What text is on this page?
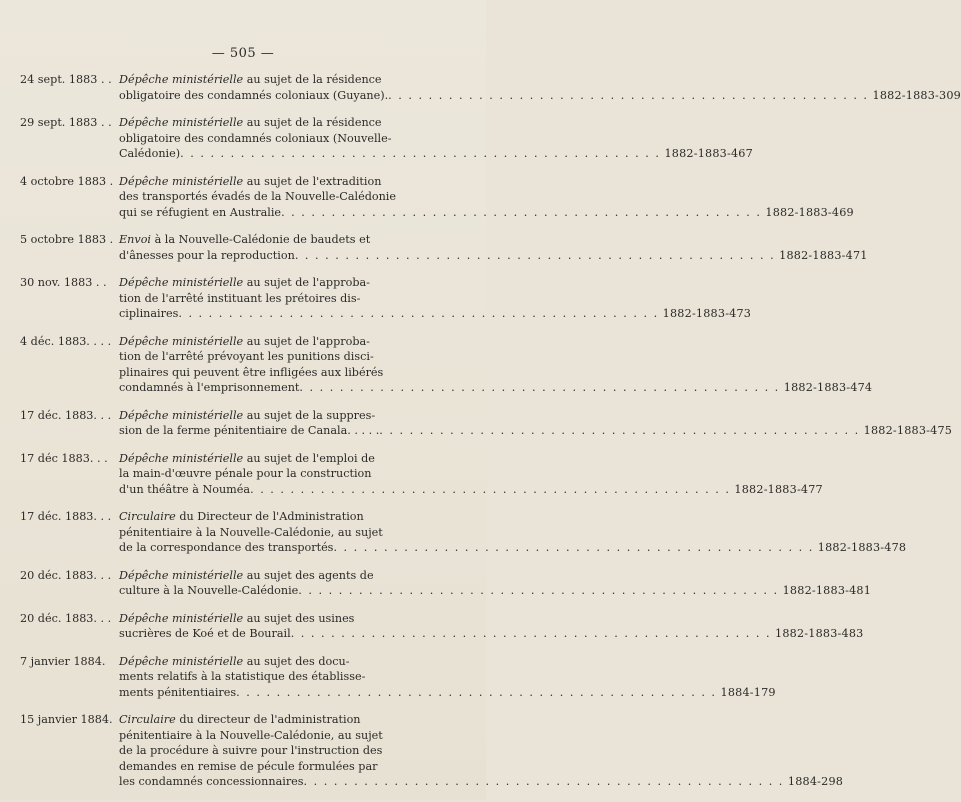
— 505 —
24 sept. 1883 . . Dépêche ministérielle au sujet de la résidence
obligatoire des condamnés coloniaux (Guyane). . . . . . . . . . . . . . . . . . . . . . . . . . . . . . . . . . . . . . . . . . . . . . . . . 1882-1883-309
29 sept. 1883 . . Dépêche ministérielle au sujet de la résidence
obligatoire des condamnés coloniaux (Nouvelle-
Calédonie) . . . . . . . . . . . . . . . . . . . . . . . . . . . . . . . . . . . . . . . . . . . . . . . . 1882-1883-467
4 octobre 1883 . Dépêche ministérielle au sujet de l'extradition
des transportés évadés de la Nouvelle-Calédonie
qui se réfugient en Australie . . . . . . . . . . . . . . . . . . . . . . . . . . . . . . . . . . . . . . . . . . . . . . . . 1882-1883-469
5 octobre 1883 . Envoi à la Nouvelle-Calédonie de baudets et
d'ânesses pour la reproduction . . . . . . . . . . . . . . . . . . . . . . . . . . . . . . . . . . . . . . . . . . . . . . . . 1882-1883-471
30 nov. 1883 . .	Dépêche ministérielle au sujet de l'approba-
tion de l'arrêté instituant les prétoires dis-
ciplinaires . . . . . . . . . . . . . . . . . . . . . . . . . . . . . . . . . . . . . . . . . . . . . . . . 1882-1883-473
4 déc. 1883. . . . Dépêche ministérielle au sujet de l'approba-
tion de l'arrêté prévoyant les punitions disci-
plinaires qui peuvent être infligées aux libérés
condamnés à l'emprisonnement . . . . . . . . . . . . . . . . . . . . . . . . . . . . . . . . . . . . . . . . . . . . . . . . 1882-1883-474
17 déc. 1883. . . Dépêche ministérielle au sujet de la suppres-
sion de la ferme pénitentiaire de Canala. . . . . . . . . . . . . . . . . . . . . . . . . . . . . . . . . . . . . . . . . . . . . . . . . . . . . 1882-1883-475
17 déc 1883. . .	Dépêche ministérielle au sujet de l'emploi de
la main-d'œuvre pénale pour la construction
d'un théâtre à Nouméa . . . . . . . . . . . . . . . . . . . . . . . . . . . . . . . . . . . . . . . . . . . . . . . . 1882-1883-477
17 déc. 1883. . . Circulaire du Directeur de l'Administration
pénitentiaire à la Nouvelle-Calédonie, au sujet
de la correspondance des transportés . . . . . . . . . . . . . . . . . . . . . . . . . . . . . . . . . . . . . . . . . . . . . . . . 1882-1883-478
20 déc. 1883. . . Dépêche ministérielle au sujet des agents de
culture à la Nouvelle-Calédonie . . . . . . . . . . . . . . . . . . . . . . . . . . . . . . . . . . . . . . . . . . . . . . . . 1882-1883-481
20 déc. 1883. . . Dépêche ministérielle au sujet des usines
sucrières de Koé et de Bourail . . . . . . . . . . . . . . . . . . . . . . . . . . . . . . . . . . . . . . . . . . . . . . . . 1882-1883-483
7 janvier 1884.	Dépêche ministérielle au sujet des docu-
ments relatifs à la statistique des établisse-
ments pénitentiaires . . . . . . . . . . . . . . . . . . . . . . . . . . . . . . . . . . . . . . . . . . . . . . . . 1884-179
15 janvier 1884. Circulaire du directeur de l'administration
pénitentiaire à la Nouvelle-Calédonie, au sujet
de la procédure à suivre pour l'instruction des
demandes en remise de pécule formulées par
les condamnés concessionnaires . . . . . . . . . . . . . . . . . . . . . . . . . . . . . . . . . . . . . . . . . . . . . . . . 1884-298
